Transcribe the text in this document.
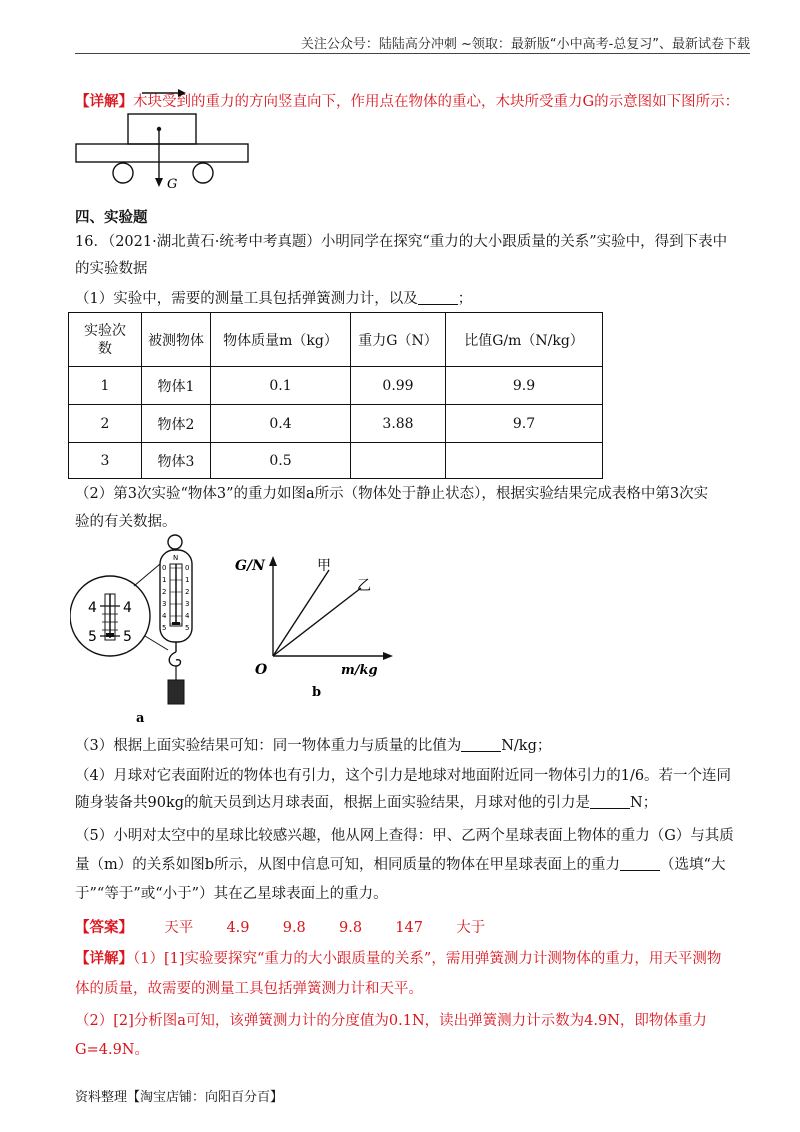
关注公众号：陆陆高分冲刺 ~领取：最新版“小中高考-总复习”、最新试卷下载
【详解】木块受到的重力的方向竖直向下，作用点在物体的重心，木块所受重力G的示意图如下图所示：
G
四、实验题
16．（2021·湖北黄石·统考中考真题）小明同学在探究“重力的大小跟质量的关系”实验中，得到下表中
的实验数据
（1）实验中，需要的测量工具包括弹簧测力计，以及	；
实验次数	被测物体	物体质量m（kg）	重力G（N）	比值G/m（N/kg）
1	物体1	0.1	0.99	9.9
2	物体2	0.4	3.88	9.7
3	物体3	0.5		
（2）第3次实验“物体3”的重力如图a所示（物体处于静止状态），根据实验结果完成表格中第3次实
验的有关数据。
4
5
4
5
N
0
1
2
3
4
5
0
1
2
3
4
5
a
G/N
m/kg
O
甲
乙
b
（3）根据上面实验结果可知：同一物体重力与质量的比值为	N/kg；
（4）月球对它表面附近的物体也有引力，这个引力是地球对地面附近同一物体引力的1/6。若一个连同
随身装备共90kg的航天员到达月球表面，根据上面实验结果，月球对他的引力是	N；
（5）小明对太空中的星球比较感兴趣，他从网上查得：甲、乙两个星球表面上物体的重力（G）与其质
量（m）的关系如图b所示，从图中信息可知，相同质量的物体在甲星球表面上的重力	（选填“大
于”“等于”或“小于”）其在乙星球表面上的重力。
【答案】 天平 4.9 9.8 9.8 147 大于
【详解】（1）[1]实验要探究“重力的大小跟质量的关系”，需用弹簧测力计测物体的重力，用天平测物
体的质量，故需要的测量工具包括弹簧测力计和天平。
（2）[2]分析图a可知，该弹簧测力计的分度值为0.1N，读出弹簧测力计示数为4.9N，即物体重力
G=4.9N。
资料整理【淘宝店铺：向阳百分百】
